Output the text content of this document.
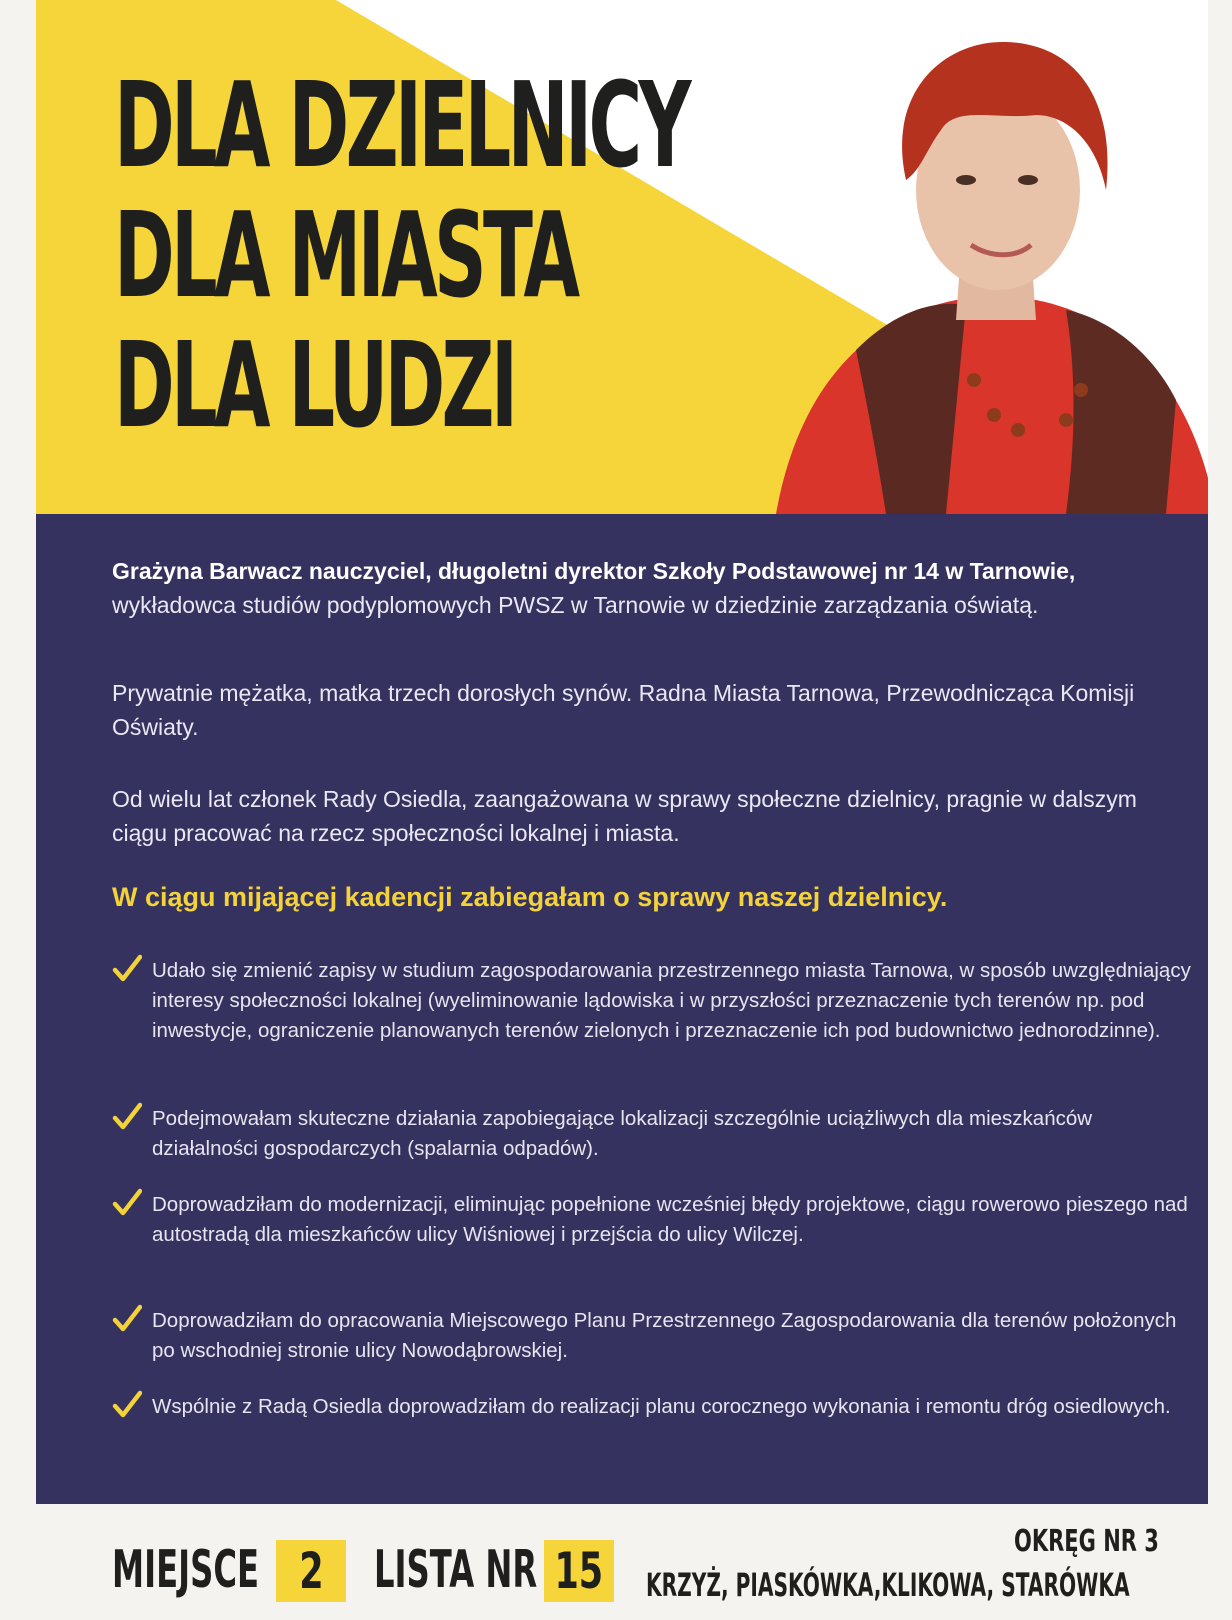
DLA DZIELNICY
DLA MIASTA
DLA LUDZI

Grażyna Barwacz nauczyciel, długoletni dyrektor Szkoły Podstawowej nr 14 w Tarnowie, wykładowca studiów podyplomowych PWSZ w Tarnowie w dziedzinie zarządzania oświatą.

Prywatnie mężatka, matka trzech dorosłych synów. Radna Miasta Tarnowa, Przewodnicząca Komisji Oświaty.

Od wielu lat członek Rady Osiedla, zaangażowana w sprawy społeczne dzielnicy, pragnie w dalszym ciągu pracować na rzecz społeczności lokalnej i miasta.

W ciągu mijającej kadencji zabiegałam o sprawy naszej dzielnicy.

Udało się zmienić zapisy w studium zagospodarowania przestrzennego miasta Tarnowa, w sposób uwzględniający interesy społeczności lokalnej (wyeliminowanie lądowiska i w przyszłości przeznaczenie tych terenów np. pod inwestycje, ograniczenie planowanych terenów zielonych i przeznaczenie ich pod budownictwo jednorodzinne).

Podejmowałam skuteczne działania zapobiegające lokalizacji szczególnie uciążliwych dla mieszkańców działalności gospodarczych (spalarnia odpadów).

Doprowadziłam do modernizacji, eliminując popełnione wcześniej błędy projektowe, ciągu rowerowo pieszego nad autostradą dla mieszkańców ulicy Wiśniowej i przejścia do ulicy Wilczej.

Doprowadziłam do opracowania Miejscowego Planu Przestrzennego Zagospodarowania dla terenów położonych po wschodniej stronie ulicy Nowodąbrowskiej.

Wspólnie z Radą Osiedla doprowadziłam do realizacji planu corocznego wykonania i remontu dróg osiedlowych.

MIEJSCE 2 LISTA NR 15

OKRĘG NR 3

KRZYŻ, PIASKÓWKA,KLIKOWA, STARÓWKA
